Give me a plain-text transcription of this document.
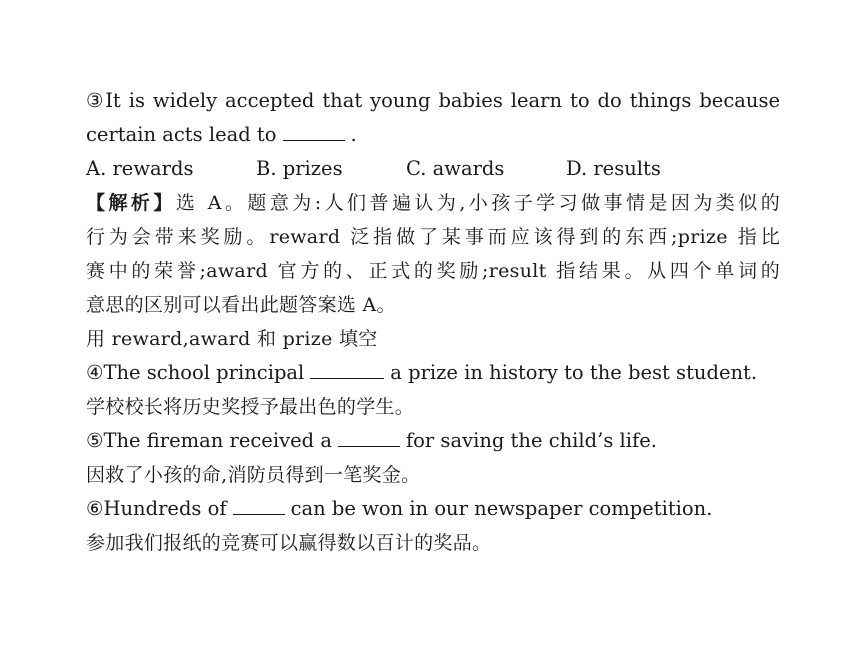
③It is widely accepted that young babies learn to do things because
certain acts lead to	.
A. rewards	B. prizes	C. awards	D. results
【解析】选 A。题意为:人们普遍认为,小孩子学习做事情是因为类似的
行为会带来奖励。reward 泛指做了某事而应该得到的东西;prize 指比
赛中的荣誉;award 官方的、正式的奖励;result 指结果。从四个单词的
意思的区别可以看出此题答案选 A。
用 reward,award 和 prize 填空
④The school principal	a prize in history to the best student.
学校校长将历史奖授予最出色的学生。
⑤The fireman received a	for saving the child’s life.
因救了小孩的命,消防员得到一笔奖金。
⑥Hundreds of	can be won in our newspaper competition.
参加我们报纸的竞赛可以赢得数以百计的奖品。
